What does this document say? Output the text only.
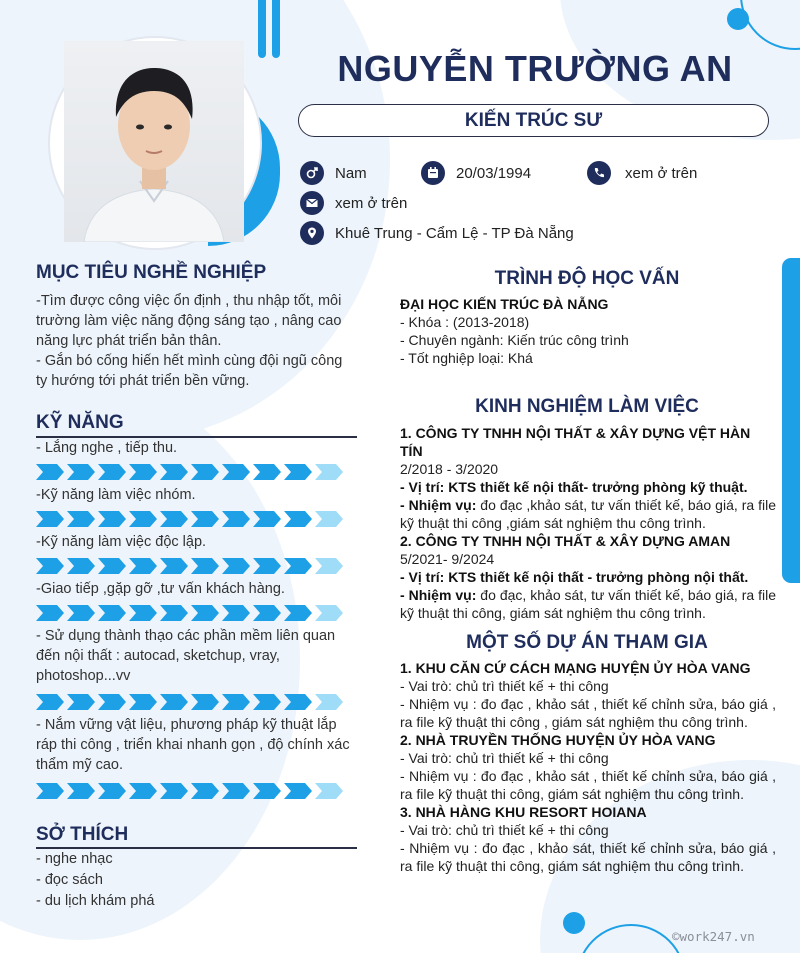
NGUYỄN TRƯỜNG AN
KIẾN TRÚC SƯ
Nam	20/03/1994	xem ở trên
xem ở trên
Khuê Trung - Cẩm Lệ - TP Đà Nẵng
MỤC TIÊU NGHỀ NGHIỆP
-Tìm được công việc ổn định , thu nhập tốt, môi
trường làm việc năng động sáng tạo , nâng cao
năng lực phát triển bản thân.
- Gắn bó cống hiến hết mình cùng đội ngũ công
ty hướng tới phát triển bền vững.
KỸ NĂNG
- Lắng nghe , tiếp thu.
-Kỹ năng làm việc nhóm.
-Kỹ năng làm việc độc lập.
-Giao tiếp ,gặp gỡ ,tư vấn khách hàng.
- Sử dụng thành thạo các phần mềm liên quan
đến nội thất : autocad, sketchup, vray,
photoshop...vv
- Nắm vững vật liệu, phương pháp kỹ thuật lắp
ráp thi công , triển khai nhanh gọn , độ chính xác
thẩm mỹ cao.
SỞ THÍCH
- nghe nhạc
- đọc sách
- du lịch khám phá
TRÌNH ĐỘ HỌC VẤN
ĐẠI HỌC KIẾN TRÚC ĐÀ NẴNG
- Khóa : (2013-2018)
- Chuyên ngành: Kiến trúc công trình
- Tốt nghiệp loại: Khá
KINH NGHIỆM LÀM VIỆC
1. CÔNG TY TNHH NỘI THẤT & XÂY DỰNG VỆT HÀN TÍN
2/2018 - 3/2020
- Vị trí: KTS thiết kế nội thất- trưởng phòng kỹ thuật.
- Nhiệm vụ: đo đạc ,khảo sát, tư vấn thiết kế, báo giá, ra file kỹ thuật thi công ,giám sát nghiệm thu công trình.
2. CÔNG TY TNHH NỘI THẤT & XÂY DỰNG AMAN
5/2021- 9/2024
- Vị trí: KTS thiết kế nội thất - trưởng phòng nội thất.
- Nhiệm vụ: đo đạc, khảo sát, tư vấn thiết kế, báo giá, ra file kỹ thuật thi công, giám sát nghiệm thu công trình.
MỘT SỐ DỰ ÁN THAM GIA
1. KHU CĂN CỨ CÁCH MẠNG HUYỆN ỦY HÒA VANG
- Vai trò: chủ trì thiết kế + thi công
- Nhiệm vụ : đo đạc , khảo sát , thiết kế chỉnh sửa, báo giá , ra file kỹ thuật thi công , giám sát nghiệm thu công trình.
2. NHÀ TRUYỀN THỐNG HUYỆN ỦY HÒA VANG
- Vai trò: chủ trì thiết kế + thi công
- Nhiệm vụ : đo đạc , khảo sát , thiết kế chỉnh sửa, báo giá , ra file kỹ thuật thi công, giám sát nghiệm thu công trình.
3. NHÀ HÀNG KHU RESORT HOIANA
- Vai trò: chủ trì thiết kế + thi công
- Nhiệm vụ : đo đạc , khảo sát, thiết kế chỉnh sửa, báo giá , ra file kỹ thuật thi công, giám sát nghiệm thu công trình.
©work247.vn
